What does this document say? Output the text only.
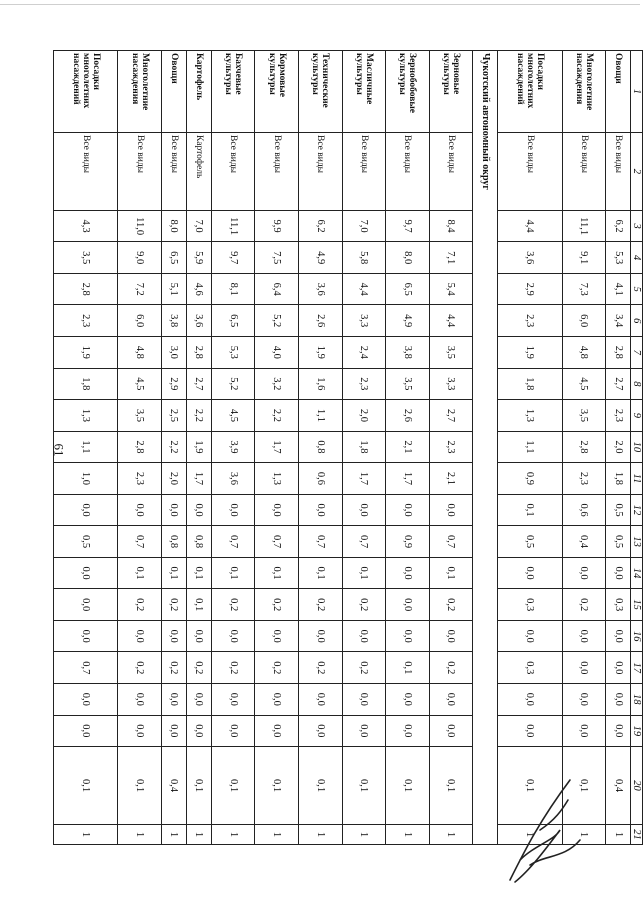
61
1	2	3	4	5	6	7	8	9	10	11	12	13	14	15	16	17	18	19	20	21
Овощи	Все виды	6,2	5,3	4,1	3,4	2,8	2,7	2,3	2,0	1,8	0,5	0,5	0,0	0,3	0,0	0,0	0,0	0,0	0,4	1
Многолетние насаждения	Все виды	11,1	9,1	7,3	6,0	4,8	4,5	3,5	2,8	2,3	0,6	0,4	0,0	0,2	0,0	0,0	0,0	0,0	0,1	1
Посадки многолетних насаждений	Все виды	4,4	3,6	2,9	2,3	1,9	1,8	1,3	1,1	0,9	0,1	0,5	0,0	0,3	0,0	0,3	0,0	0,0	0,1	1
Чукотский автономный округ																				
Зерновые культуры	Все виды	8,4	7,1	5,4	4,4	3,5	3,3	2,7	2,3	2,1	0,0	0,7	0,1	0,2	0,0	0,2	0,0	0,0	0,1	1
Зернобобовые культуры	Все виды	9,7	8,0	6,5	4,9	3,8	3,5	2,6	2,1	1,7	0,0	0,9	0,0	0,0	0,0	0,1	0,0	0,0	0,1	1
Масличные культуры	Все виды	7,0	5,8	4,4	3,3	2,4	2,3	2,0	1,8	1,7	0,0	0,7	0,1	0,2	0,0	0,2	0,0	0,0	0,1	1
Технические культуры	Все виды	6,2	4,9	3,6	2,6	1,9	1,6	1,1	0,8	0,6	0,0	0,7	0,1	0,2	0,0	0,2	0,0	0,0	0,1	1
Кормовые культуры	Все виды	9,9	7,5	6,4	5,2	4,0	3,2	2,2	1,7	1,3	0,0	0,7	0,1	0,2	0,0	0,2	0,0	0,0	0,1	1
Бахчевые культуры	Все виды	11,1	9,7	8,1	6,5	5,3	5,2	4,5	3,9	3,6	0,0	0,7	0,1	0,2	0,0	0,2	0,0	0,0	0,1	1
Картофель	Картофель	7,0	5,9	4,6	3,6	2,8	2,7	2,2	1,9	1,7	0,0	0,8	0,1	0,1	0,0	0,2	0,0	0,0	0,1	1
Овощи	Все виды	8,0	6,5	5,1	3,8	3,0	2,9	2,5	2,2	2,0	0,0	0,8	0,1	0,2	0,0	0,2	0,0	0,0	0,4	1
Многолетние насаждения	Все виды	11,0	9,0	7,2	6,0	4,8	4,5	3,5	2,8	2,3	0,0	0,7	0,1	0,2	0,0	0,2	0,0	0,0	0,1	1
Посадки многолетних насаждений	Все виды	4,3	3,5	2,8	2,3	1,9	1,8	1,3	1,1	1,0	0,0	0,5	0,0	0,0	0,0	0,7	0,0	0,0	0,1	1
